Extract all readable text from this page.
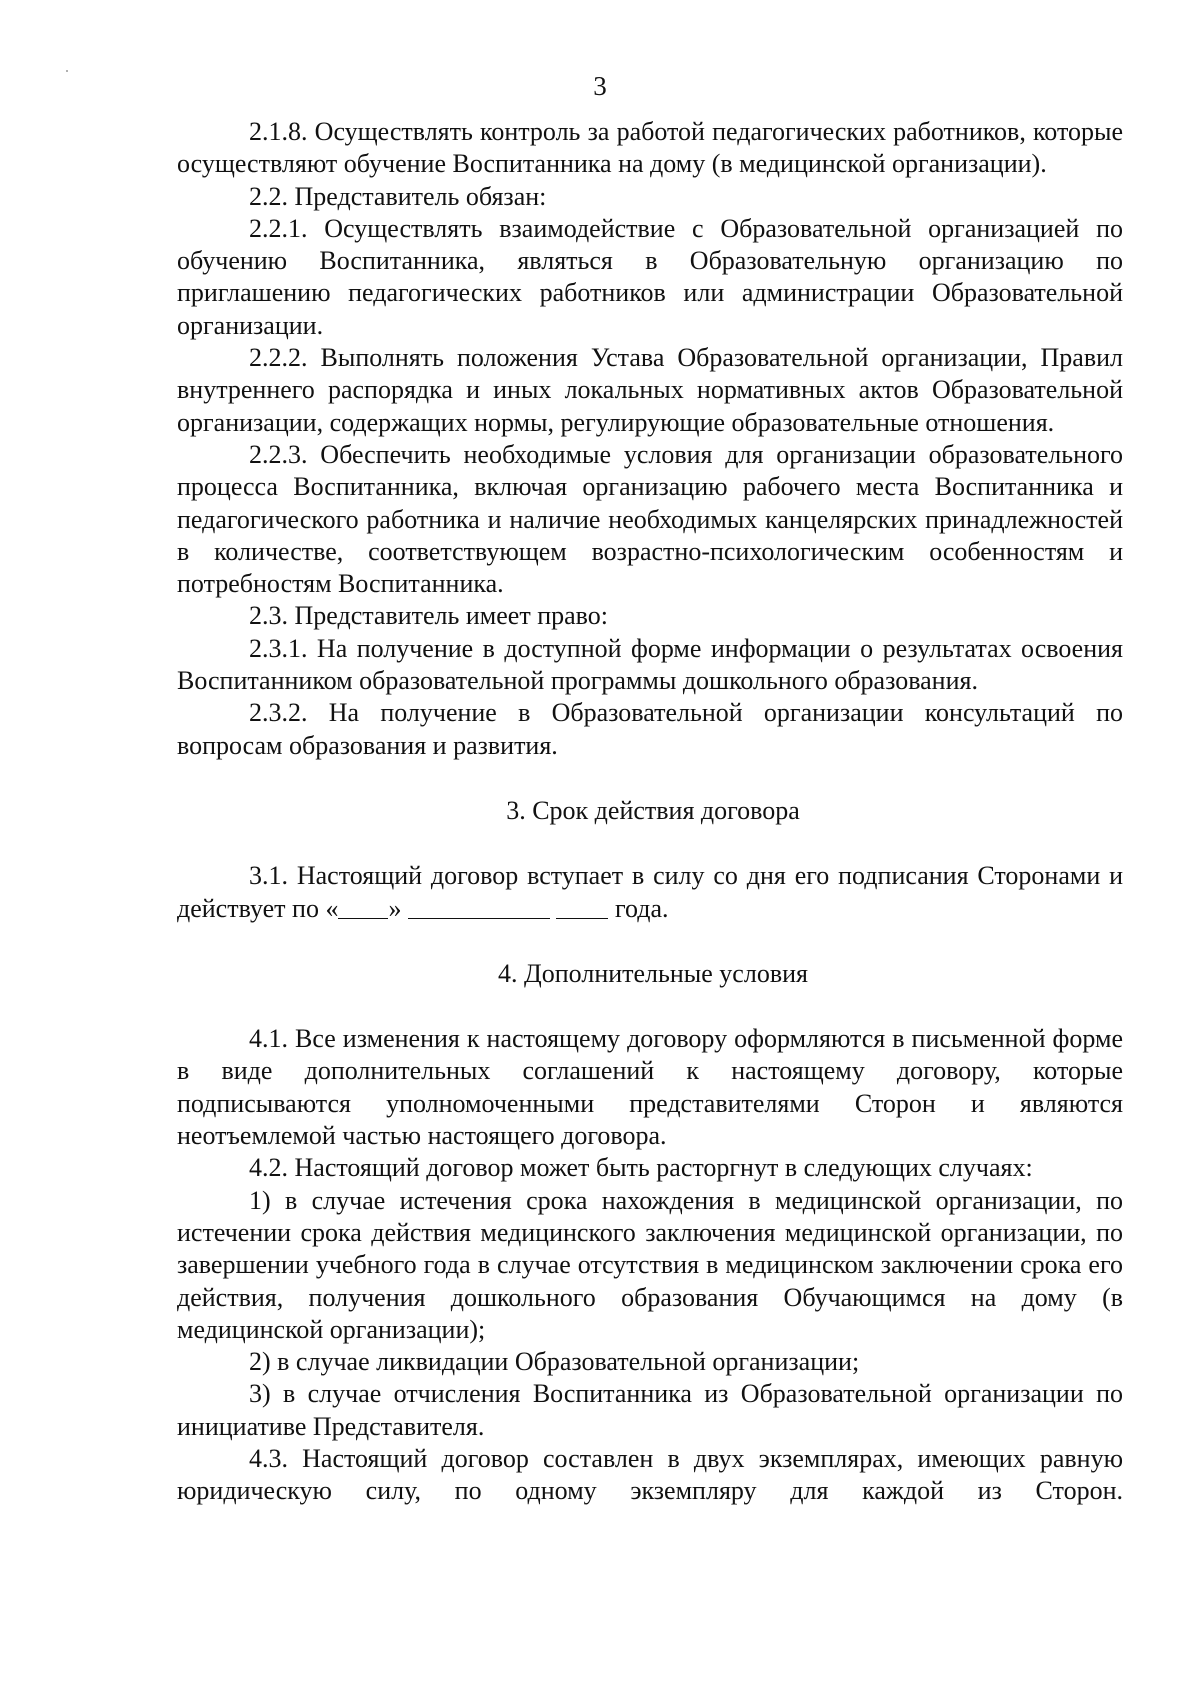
3

2.1.8. Осуществлять контроль за работой педагогических работников, которые осуществляют обучение Воспитанника на дому (в медицинской организации).

2.2. Представитель обязан:

2.2.1. Осуществлять взаимодействие с Образовательной организацией по обучению Воспитанника, являться в Образовательную организацию по приглашению педагогических работников или администрации Образовательной организации.

2.2.2. Выполнять положения Устава Образовательной организации, Правил внутреннего распорядка и иных локальных нормативных актов Образовательной организации, содержащих нормы, регулирующие образовательные отношения.

2.2.3. Обеспечить необходимые условия для организации образовательного процесса Воспитанника, включая организацию рабочего места Воспитанника и педагогического работника и наличие необходимых канцелярских принадлежностей в количестве, соответствующем возрастно-психологическим особенностям и потребностям Воспитанника.

2.3. Представитель имеет право:

2.3.1. На получение в доступной форме информации о результатах освоения Воспитанником образовательной программы дошкольного образования.

2.3.2. На получение в Образовательной организации консультаций по вопросам образования и развития.

3. Срок действия договора

3.1. Настоящий договор вступает в силу со дня его подписания Сторонами и действует по « »	года.

4. Дополнительные условия

4.1. Все изменения к настоящему договору оформляются в письменной форме в виде дополнительных соглашений к настоящему договору, которые подписываются уполномоченными представителями Сторон и являются неотъемлемой частью настоящего договора.

4.2. Настоящий договор может быть расторгнут в следующих случаях:

1) в случае истечения срока нахождения в медицинской организации, по истечении срока действия медицинского заключения медицинской организации, по завершении учебного года в случае отсутствия в медицинском заключении срока его действия, получения дошкольного образования Обучающимся на дому (в медицинской организации);

2) в случае ликвидации Образовательной организации;

3) в случае отчисления Воспитанника из Образовательной организации по инициативе Представителя.

4.3. Настоящий договор составлен в двух экземплярах, имеющих равную юридическую силу, по одному экземпляру для каждой из Сторон.
